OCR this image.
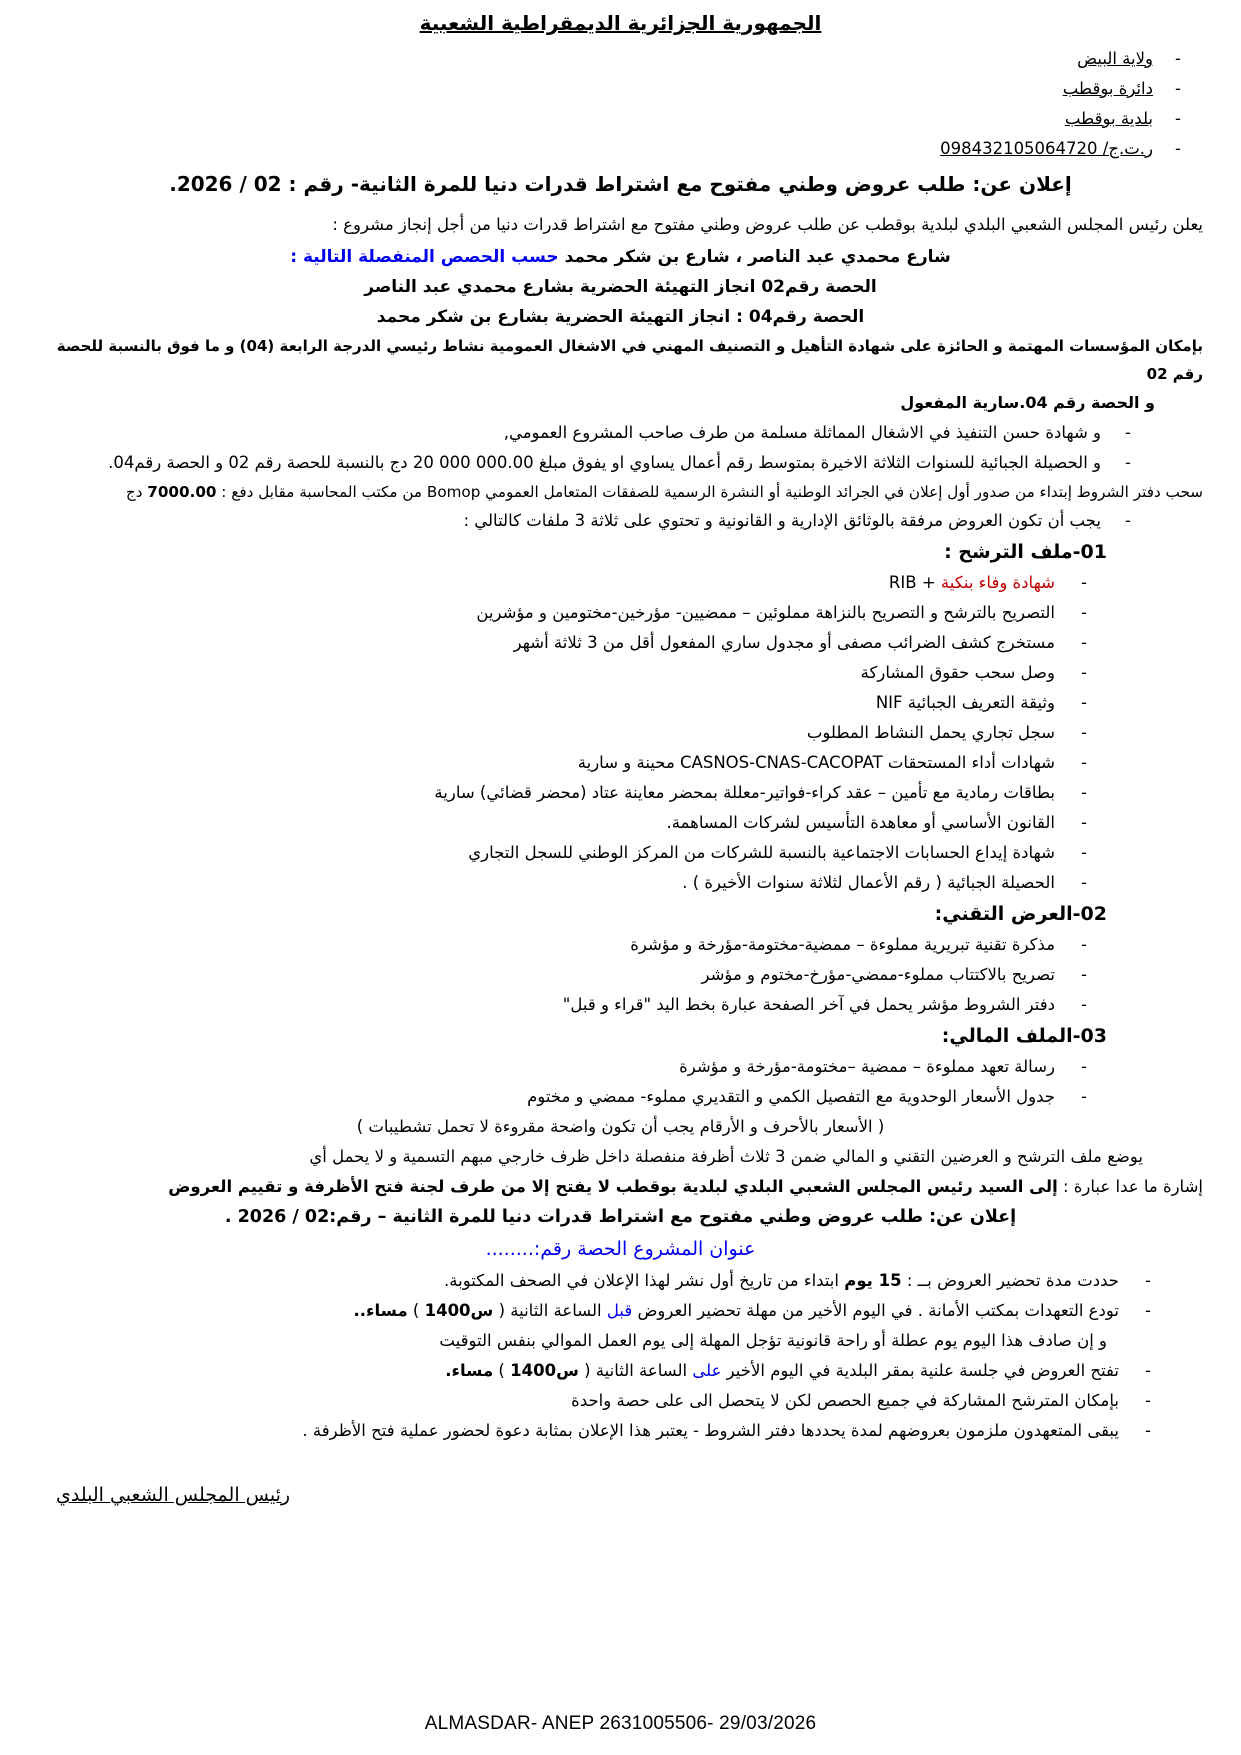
الجمهورية الجزائرية الديمقراطية الشعبية
- ولاية البيض
- دائرة بوقطب
- بلدية بوقطب
- ر.ت.ج/ 098432105064720
إعلان عن: طلب عروض وطني مفتوح مع اشتراط قدرات دنيا للمرة الثانية- رقم : 02 / 2026.
يعلن رئيس المجلس الشعبي البلدي لبلدية بوقطب عن طلب عروض وطني مفتوح مع اشتراط قدرات دنيا من أجل إنجاز مشروع :
شارع محمدي عبد الناصر ، شارع بن شكر محمد حسب الحصص المنفصلة التالية :
الحصة رقم02 انجاز التهيئة الحضرية بشارع محمدي عبد الناصر
الحصة رقم04 : انجاز التهيئة الحضرية بشارع بن شكر محمد
بإمكان المؤسسات المهتمة و الحائزة على شهادة التأهيل و التصنيف المهني في الاشغال العمومية نشاط رئيسي الدرجة الرابعة (04) و ما فوق بالنسبة للحصة رقم 02
و الحصة رقم 04.سارية المفعول
- و شهادة حسن التنفيذ في الاشغال المماثلة مسلمة من طرف صاحب المشروع العمومي,
- و الحصيلة الجبائية للسنوات الثلاثة الاخيرة بمتوسط رقم أعمال يساوي او يفوق مبلغ 20 000 000.00 دج بالنسبة للحصة رقم 02 و الحصة رقم04.
سحب دفتر الشروط إبتداء من صدور أول إعلان في الجرائد الوطنية أو النشرة الرسمية للصفقات المتعامل العمومي Bomop من مكتب المحاسبة مقابل دفع : 7000.00 دج
- يجب أن تكون العروض مرفقة بالوثائق الإدارية و القانونية و تحتوي على ثلاثة 3 ملفات كالتالي :
01-ملف الترشح :
- شهادة وفاء بنكية + RIB
- التصريح بالترشح و التصريح بالنزاهة مملوئين – ممضيين- مؤرخين-مختومين و مؤشرين
- مستخرج كشف الضرائب مصفى أو مجدول ساري المفعول أقل من 3 ثلاثة أشهر
- وصل سحب حقوق المشاركة
- وثيقة التعريف الجبائية NIF
- سجل تجاري يحمل النشاط المطلوب
- شهادات أداء المستحقات CASNOS-CNAS-CACOPAT محينة و سارية
- بطاقات رمادية مع تأمين – عقد كراء-فواتير-معللة بمحضر معاينة عتاد (محضر قضائي) سارية
- القانون الأساسي أو معاهدة التأسيس لشركات المساهمة.
- شهادة إيداع الحسابات الاجتماعية بالنسبة للشركات من المركز الوطني للسجل التجاري
- الحصيلة الجبائية ( رقم الأعمال لثلاثة سنوات الأخيرة ) .
02-العرض التقني:
- مذكرة تقنية تبريرية مملوءة – ممضية-مختومة-مؤرخة و مؤشرة
- تصريح بالاكتتاب مملوء-ممضي-مؤرخ-مختوم و مؤشر
- دفتر الشروط مؤشر يحمل في آخر الصفحة عبارة بخط اليد "قراء و قبل"
03-الملف المالي:
- رسالة تعهد مملوءة – ممضية –مختومة-مؤرخة و مؤشرة
- جدول الأسعار الوحدوية مع التفصيل الكمي و التقديري مملوء- ممضي و مختوم
( الأسعار بالأحرف و الأرقام يجب أن تكون واضحة مقروءة لا تحمل تشطيبات )
يوضع ملف الترشح و العرضين التقني و المالي ضمن 3 ثلاث أظرفة منفصلة داخل ظرف خارجي مبهم التسمية و لا يحمل أي
إشارة ما عدا عبارة : إلى السيد رئيس المجلس الشعبي البلدي لبلدية بوقطب لا يفتح إلا من طرف لجنة فتح الأظرفة و تقييم العروض
إعلان عن: طلب عروض وطني مفتوح مع اشتراط قدرات دنيا للمرة الثانية – رقم:02 / 2026 .
عنوان المشروع الحصة رقم:........
- حددت مدة تحضير العروض بــ : 15 يوم ابتداء من تاريخ أول نشر لهذا الإعلان في الصحف المكتوبة.
- تودع التعهدات بمكتب الأمانة . في اليوم الأخير من مهلة تحضير العروض قبل الساعة الثانية ( 14س00 ) مساء..
و إن صادف هذا اليوم يوم عطلة أو راحة قانونية تؤجل المهلة إلى يوم العمل الموالي بنفس التوقيت
- تفتح العروض في جلسة علنية بمقر البلدية في اليوم الأخير على الساعة الثانية ( 14س00 ) مساء.
- بإمكان المترشح المشاركة في جميع الحصص لكن لا يتحصل الى على حصة واحدة
- يبقى المتعهدون ملزمون بعروضهم لمدة يحددها دفتر الشروط - يعتبر هذا الإعلان بمثابة دعوة لحضور عملية فتح الأظرفة .
رئيس المجلس الشعبي البلدي
ALMASDAR- ANEP 2631005506- 29/03/2026
